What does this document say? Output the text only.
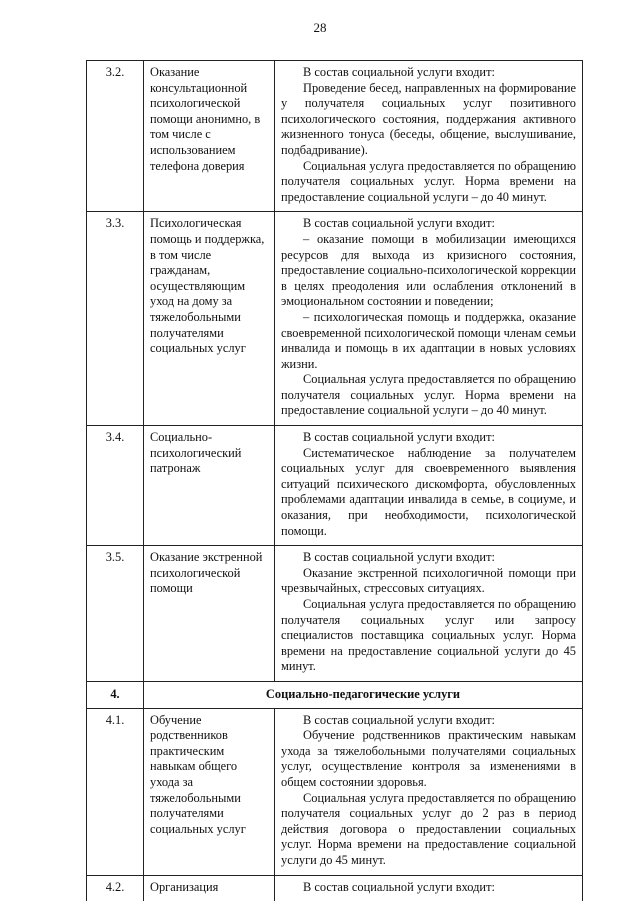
28
3.2.	Оказание консультационной психологической помощи анонимно, в том числе с использованием телефона доверия	В состав социальной услуги входит:

Проведение бесед, направленных на формирование у получателя социальных услуг позитивного психологического состояния, поддержания активного жизненного тонуса (беседы, общение, выслушивание, подбадривание).

Социальная услуга предоставляется по обращению получателя социальных услуг. Норма времени на предоставление социальной услуги – до 40 минут.

3.3.	Психологическая помощь и поддержка, в том числе гражданам, осуществляющим уход на дому за тяжелобольными получателями социальных услуг	В состав социальной услуги входит:

– оказание помощи в мобилизации имеющихся ресурсов для выхода из кризисного состояния, предоставление социально-психологической коррекции в целях преодоления или ослабления отклонений в эмоциональном состоянии и поведении;

– психологическая помощь и поддержка, оказание своевременной психологической помощи членам семьи инвалида и помощь в их адаптации в новых условиях жизни.

Социальная услуга предоставляется по обращению получателя социальных услуг. Норма времени на предоставление социальной услуги – до 40 минут.

3.4.	Социально-психологический патронаж	В состав социальной услуги входит:

Систематическое наблюдение за получателем социальных услуг для своевременного выявления ситуаций психического дискомфорта, обусловленных проблемами адаптации инвалида в семье, в социуме, и оказания, при необходимости, психологической помощи.

3.5.	Оказание экстренной психологической помощи	В состав социальной услуги входит:

Оказание экстренной психологичной помощи при чрезвычайных, стрессовых ситуациях.

Социальная услуга предоставляется по обращению получателя социальных услуг или запросу специалистов поставщика социальных услуг. Норма времени на предоставление социальной услуги до 45 минут.

4.	Социально-педагогические услуги	
4.1.	Обучение родственников практическим навыкам общего ухода за тяжелобольными получателями социальных услуг	В состав социальной услуги входит:

Обучение родственников практическим навыкам ухода за тяжелобольными получателями социальных услуг, осуществление контроля за изменениями в общем состоянии здоровья.

Социальная услуга предоставляется по обращению получателя социальных услуг до 2 раз в период действия договора о предоставлении социальных услуг. Норма времени на предоставление социальной услуги до 45 минут.

4.2.	Организация	В состав социальной услуги входит:
